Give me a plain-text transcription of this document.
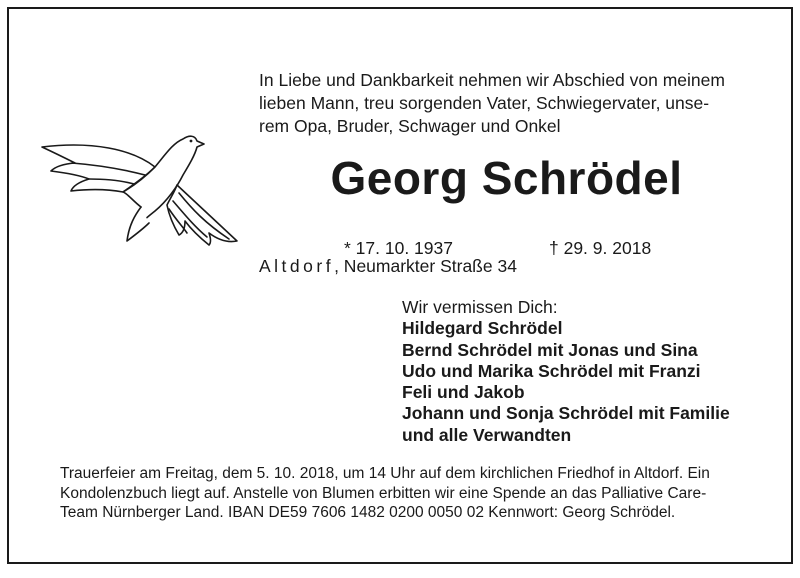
In Liebe und Dankbarkeit nehmen wir Abschied von meinem
lieben Mann, treu sorgenden Vater, Schwiegervater, unse-
rem Opa, Bruder, Schwager und Onkel
Georg Schrödel
* 17. 10. 1937	† 29. 9. 2018
Altdorf, Neumarkter Straße 34
Wir vermissen Dich:
Hildegard Schrödel
Bernd Schrödel mit Jonas und Sina
Udo und Marika Schrödel mit Franzi
Feli und Jakob
Johann und Sonja Schrödel mit Familie
und alle Verwandten
Trauerfeier am Freitag, dem 5. 10. 2018, um 14 Uhr auf dem kirchlichen Friedhof in Altdorf. Ein
Kondolenzbuch liegt auf. Anstelle von Blumen erbitten wir eine Spende an das Palliative Care-
Team Nürnberger Land. IBAN DE59 7606 1482 0200 0050 02 Kennwort: Georg Schrödel.
